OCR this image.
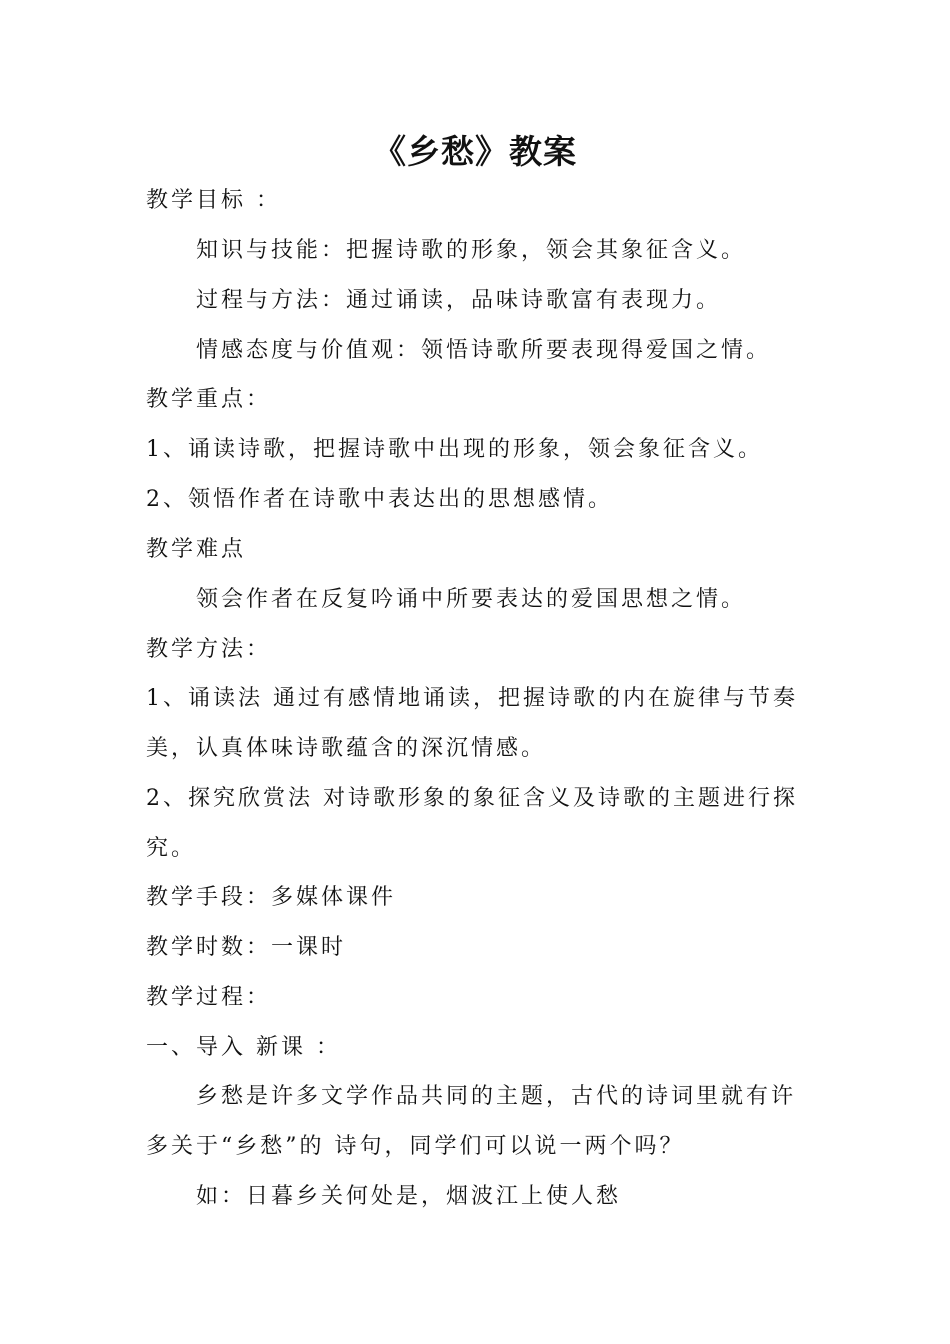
《乡愁》教案
教学目标 ：
知识与技能：把握诗歌的形象，领会其象征含义。
过程与方法：通过诵读，品味诗歌富有表现力。
情感态度与价值观：领悟诗歌所要表现得爱国之情。
教学重点：
1、诵读诗歌，把握诗歌中出现的形象，领会象征含义。
2、领悟作者在诗歌中表达出的思想感情。
教学难点
领会作者在反复吟诵中所要表达的爱国思想之情。
教学方法：
1、诵读法 通过有感情地诵读，把握诗歌的内在旋律与节奏
美，认真体味诗歌蕴含的深沉情感。
2、探究欣赏法 对诗歌形象的象征含义及诗歌的主题进行探
究。
教学手段：多媒体课件
教学时数：一课时
教学过程：
一、导入 新课 ：
乡愁是许多文学作品共同的主题，古代的诗词里就有许
多关于“乡愁”的 诗句，同学们可以说一两个吗？
如：日暮乡关何处是，烟波江上使人愁
